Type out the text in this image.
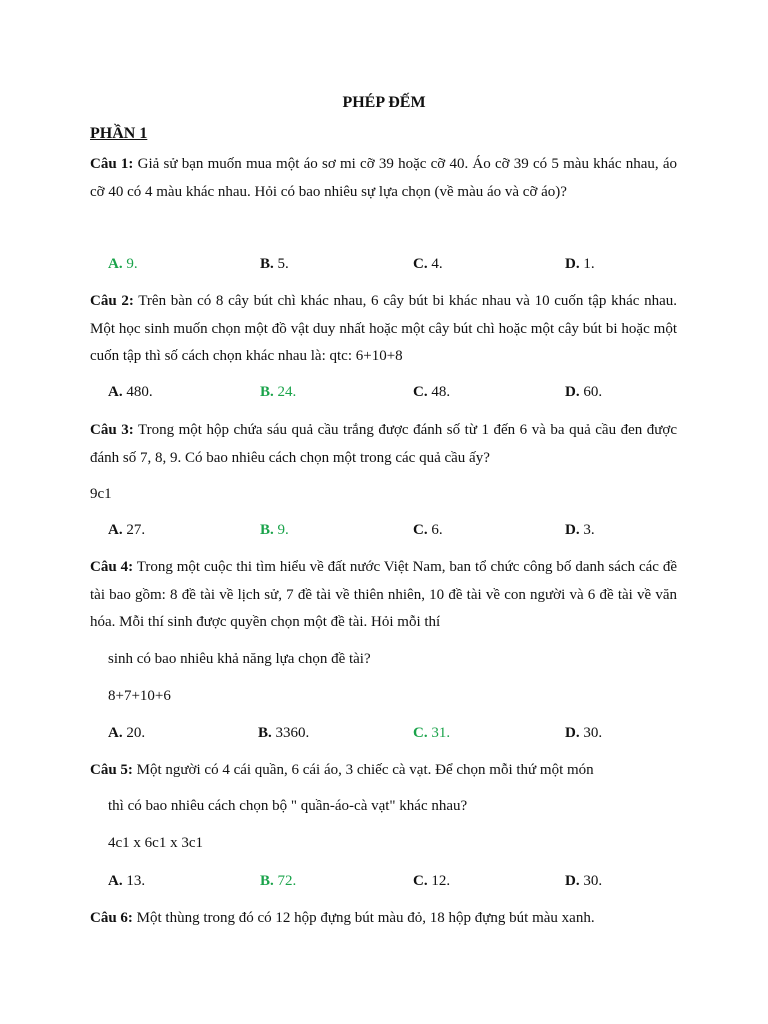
PHÉP ĐẾM
PHẦN 1
Câu 1: Giả sử bạn muốn mua một áo sơ mi cỡ 39 hoặc cỡ 40. Áo cỡ 39 có 5 màu khác nhau, áo cỡ 40 có 4 màu khác nhau. Hỏi có bao nhiêu sự lựa chọn (về màu áo và cỡ áo)?
A. 9.	B. 5.	C. 4.	D. 1.
Câu 2: Trên bàn có 8 cây bút chì khác nhau, 6 cây bút bi khác nhau và 10 cuốn tập khác nhau. Một học sinh muốn chọn một đồ vật duy nhất hoặc một cây bút chì hoặc một cây bút bi hoặc một cuốn tập thì số cách chọn khác nhau là: qtc: 6+10+8
A. 480.	B. 24.	C. 48.	D. 60.
Câu 3: Trong một hộp chứa sáu quả cầu trắng được đánh số từ 1 đến 6 và ba quả cầu đen được đánh số 7, 8, 9. Có bao nhiêu cách chọn một trong các quả cầu ấy?
9c1
A. 27.	B. 9.	C. 6.	D. 3.
Câu 4: Trong một cuộc thi tìm hiểu về đất nước Việt Nam, ban tổ chức công bố danh sách các đề tài bao gồm: 8 đề tài về lịch sử, 7 đề tài về thiên nhiên, 10 đề tài về con người và 6 đề tài về văn hóa. Mỗi thí sinh được quyền chọn một đề tài. Hỏi mỗi thí
sinh có bao nhiêu khả năng lựa chọn đề tài?
8+7+10+6
A. 20.	B. 3360.	C. 31.	D. 30.
Câu 5: Một người có 4 cái quần, 6 cái áo, 3 chiếc cà vạt. Để chọn mỗi thứ một món
thì có bao nhiêu cách chọn bộ " quần-áo-cà vạt" khác nhau?
4c1 x 6c1 x 3c1
A. 13.	B. 72.	C. 12.	D. 30.
Câu 6: Một thùng trong đó có 12 hộp đựng bút màu đỏ, 18 hộp đựng bút màu xanh.
